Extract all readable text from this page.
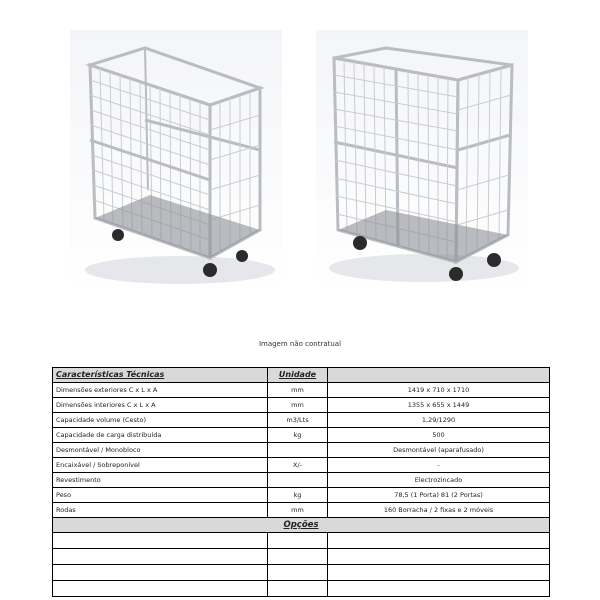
Imagem não contratual
Características Técnicas	Unidade	
Dimensões exteriores C x L x A	mm	1419 x 710 x 1710
Dimensões interiores C x L x A	mm	1355 x 655 x 1449
Capacidade volume (Cesto)	m3/Lts	1,29/1290
Capacidade de carga distribuída	kg	500
Desmontável / Monobloco		Desmontável (aparafusado)
Encaixável / Sobreponível	X/-	-
Revestimento		Electrozincado
Peso	kg	78,5 (1 Porta) 81 (2 Portas)
Rodas	mm	160 Borracha / 2 fixas e 2 móveis
Opções		
